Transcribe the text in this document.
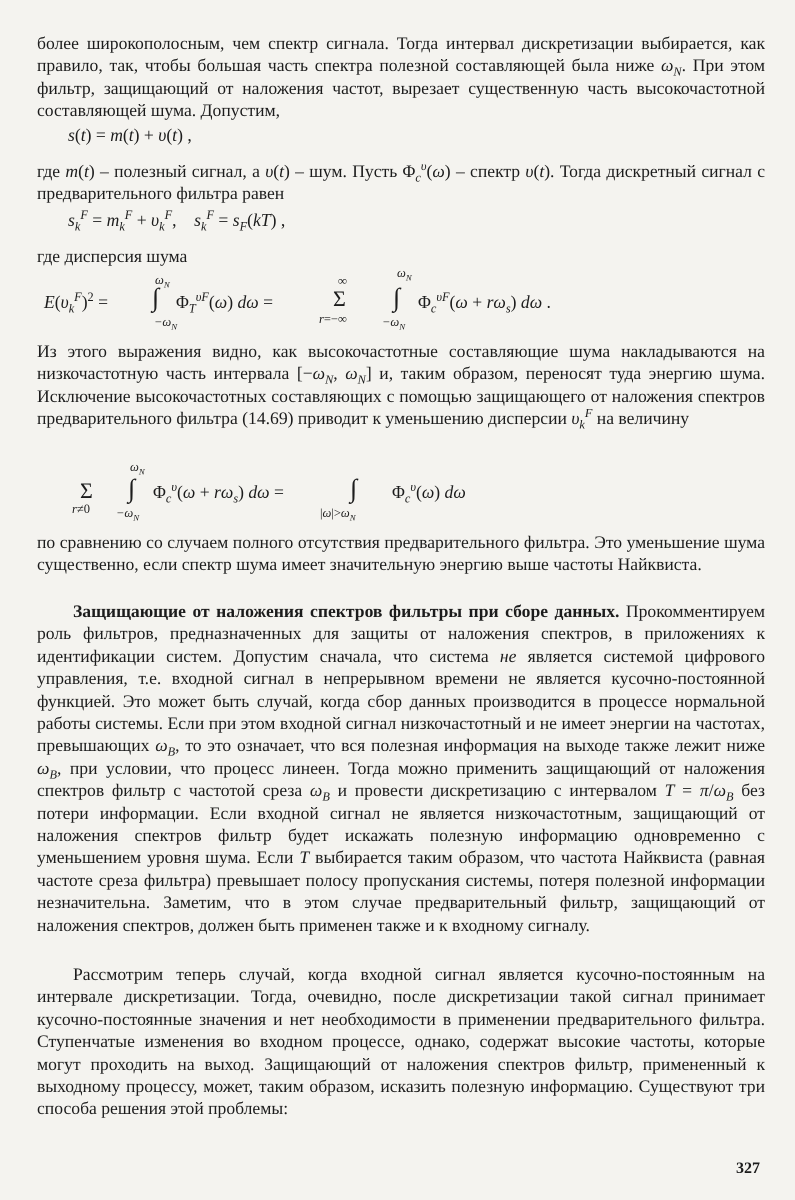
более широкополосным, чем спектр сигнала. Тогда интервал дискретизации выбирается, как правило, так, чтобы большая часть спектра полезной составляющей была ниже $\omega_N$. При этом фильтр, защищающий от наложения частот, вырезает существенную часть высокочастотной составляющей шума. Допустим,

s(t) = m(t) + υ(t) ,

где m(t) – полезный сигнал, а υ(t) – шум. Пусть $\Phi_c^\upsilon(\omega)$ – спектр υ(t). Тогда дискретный сигнал с предварительного фильтра равен

$s_k^F = m_k^F + \upsilon_k^F$,    $s_k^F = s_F(kT)$ ,

где дисперсия шума

$E(\upsilon_k^F)^2$ =
$\omega_N$
∫
$-\omega_N$
$\Phi_T^{\upsilon F}(\omega) d\omega$ =
∞
Σ
r=−∞
$\omega_N$
∫
$-\omega_N$
$\Phi_c^{\upsilon F}(\omega + r\omega_s)$ dω .

Из этого выражения видно, как высокочастотные составляющие шума накладываются на низкочастотную часть интервала [$-\omega_N$, $\omega_N$] и, таким образом, переносят туда энергию шума. Исключение высокочастотных составляющих с помощью защищающего от наложения спектров предварительного фильтра (14.69) приводит к уменьшению дисперсии $\upsilon_k^F$ на величину

Σ
r≠0
$\omega_N$
∫
$-\omega_N$
$\Phi_c^\upsilon(\omega + r\omega_s) d\omega$ =	∫
$|\omega|>\omega_N$
$\Phi_c^\upsilon(\omega)$ dω

по сравнению со случаем полного отсутствия предварительного фильтра. Это уменьшение шума существенно, если спектр шума имеет значительную энергию выше частоты Найквиста.

Защищающие от наложения спектров фильтры при сборе данных. Прокомментируем роль фильтров, предназначенных для защиты от наложения спектров, в приложениях к идентификации систем. Допустим сначала, что система не является системой цифрового управления, т.е. входной сигнал в непрерывном времени не является кусочно-постоянной функцией. Это может быть случай, когда сбор данных производится в процессе нормальной работы системы. Если при этом входной сигнал низкочастотный и не имеет энергии на частотах, превышающих $\omega_B$, то это означает, что вся полезная информация на выходе также лежит ниже $\omega_B$, при условии, что процесс линеен. Тогда можно применить защищающий от наложения спектров фильтр с частотой среза $\omega_B$ и провести дискретизацию с интервалом $T = \pi/\omega_B$ без потери информации. Если входной сигнал не является низкочастотным, защищающий от наложения спектров фильтр будет искажать полезную информацию одновременно с уменьшением уровня шума. Если T выбирается таким образом, что частота Найквиста (равная частоте среза фильтра) превышает полосу пропускания системы, потеря полезной информации незначительна. Заметим, что в этом случае предварительный фильтр, защищающий от наложения спектров, должен быть применен также и к входному сигналу.

Рассмотрим теперь случай, когда входной сигнал является кусочно-постоянным на интервале дискретизации. Тогда, очевидно, после дискретизации такой сигнал принимает кусочно-постоянные значения и нет необходимости в применении предварительного фильтра. Ступенчатые изменения во входном процессе, однако, содержат высокие частоты, которые могут проходить на выход. Защищающий от наложения спектров фильтр, примененный к выходному процессу, может, таким образом, исказить полезную информацию. Существуют три способа решения этой проблемы:

327
